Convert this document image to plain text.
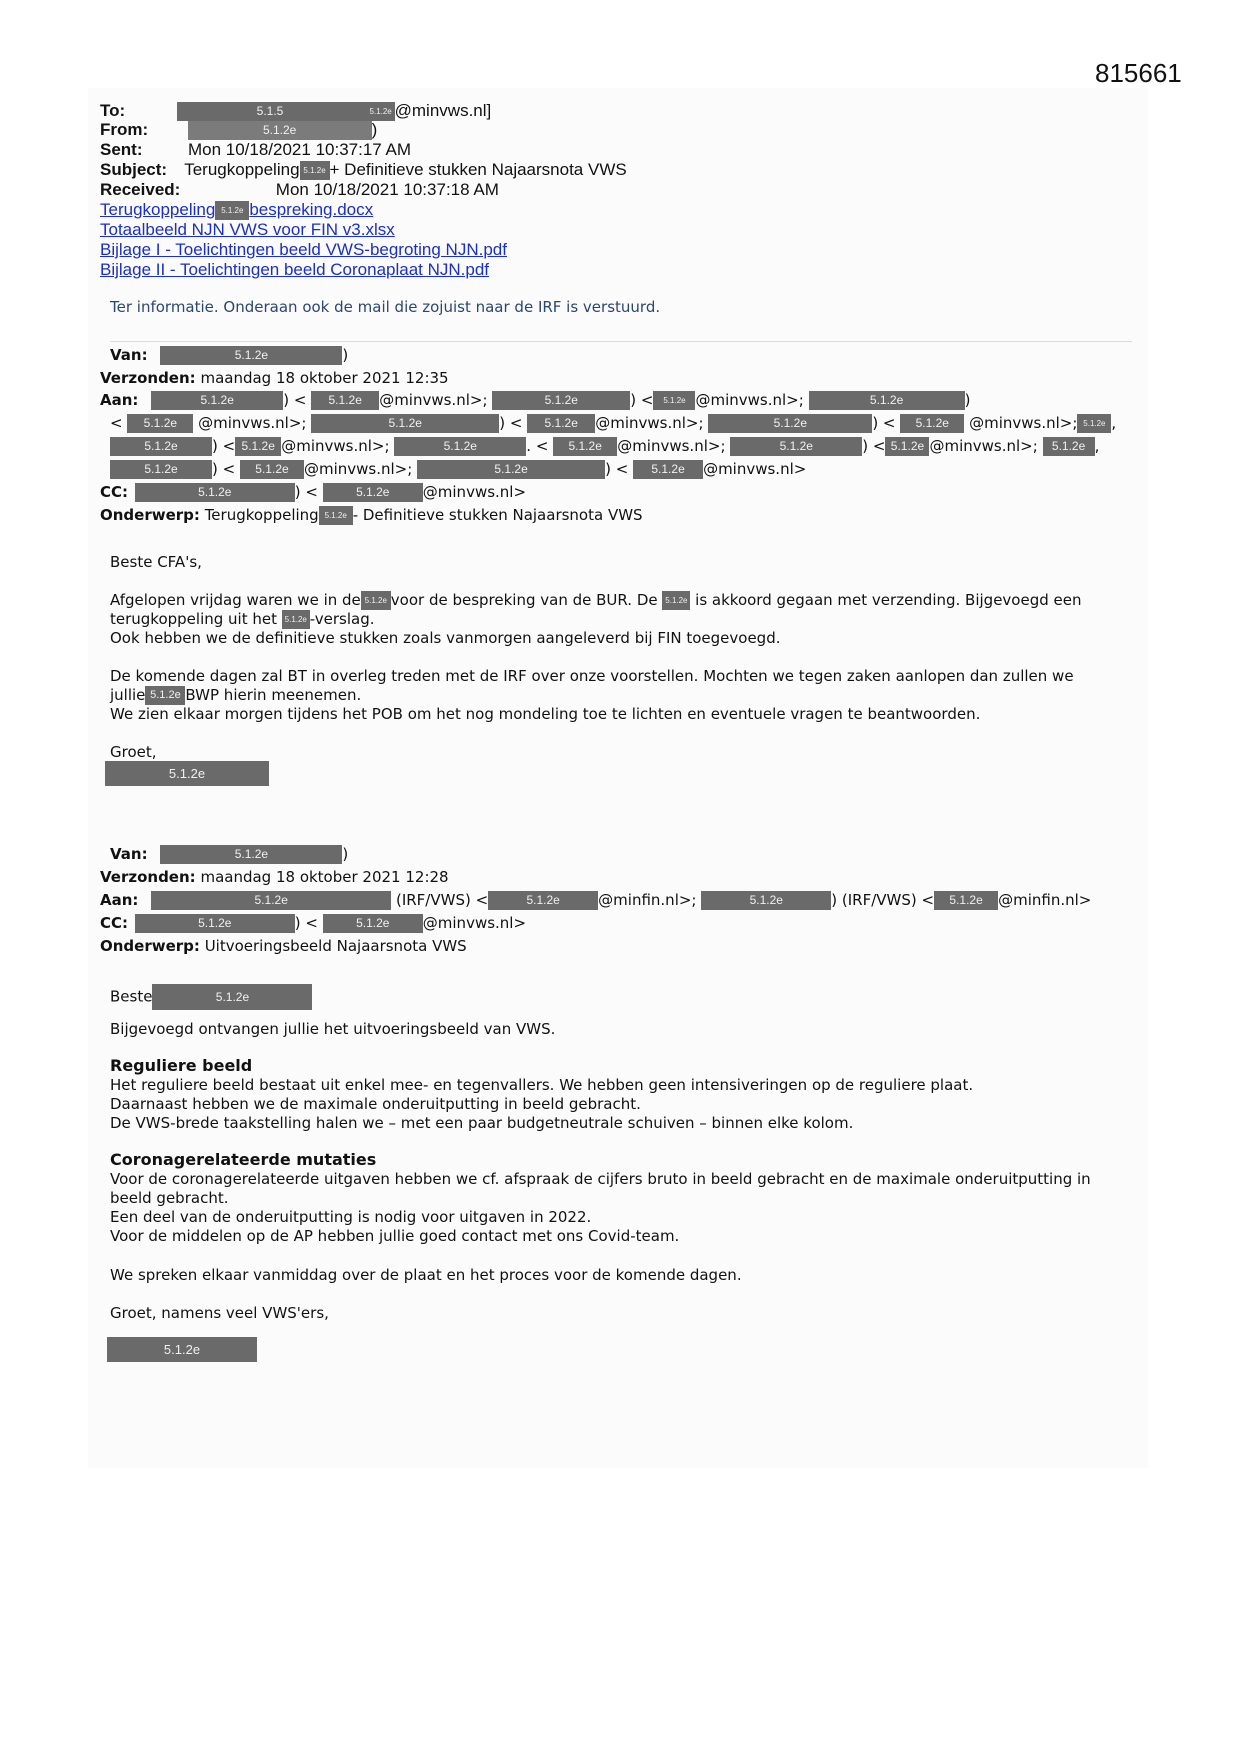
815661
To:	5.1.5	5.1.2e @minvws.nl]
From:	5.1.2e	)
Sent:	Mon 10/18/2021 10:37:17 AM
Subject: Terugkoppeling 5.1.2e + Definitieve stukken Najaarsnota VWS
Received:	Mon 10/18/2021 10:37:18 AM
Terugkoppeling 5.1.2e bespreking.docx
Totaalbeeld NJN VWS voor FIN v3.xlsx
Bijlage I - Toelichtingen beeld VWS-begroting NJN.pdf
Bijlage II - Toelichtingen beeld Coronaplaat NJN.pdf
Ter informatie. Onderaan ook de mail die zojuist naar de IRF is verstuurd.
Van:	5.1.2e	)
Verzonden: maandag 18 oktober 2021 12:35
Aan:	5.1.2e	) < 5.1.2e @minvws.nl>;	5.1.2e	) < 5.1.2e @minvws.nl>;	5.1.2e	)
< 5.1.2e @minvws.nl>;	5.1.2e	) < 5.1.2e @minvws.nl>;	5.1.2e	) < 5.1.2e @minvws.nl>; 5.1.2e ,
5.1.2e ) < 5.1.2e @minvws.nl>;	5.1.2e	. < 5.1.2e @minvws.nl>;	5.1.2e	) < 5.1.2e @minvws.nl>; 5.1.2e ,
5.1.2e ) < 5.1.2e @minvws.nl>;	5.1.2e	) < 5.1.2e @minvws.nl>
CC:	5.1.2e	) <	5.1.2e @minvws.nl>
Onderwerp: Terugkoppeling 5.1.2e - Definitieve stukken Najaarsnota VWS
Beste CFA's,
Afgelopen vrijdag waren we in de 5.1.2e voor de bespreking van de BUR. De 5.1.2e is akkoord gegaan met verzending. Bijgevoegd een
terugkoppeling uit het 5.1.2e -verslag.
Ook hebben we de definitieve stukken zoals vanmorgen aangeleverd bij FIN toegevoegd.
De komende dagen zal BT in overleg treden met de IRF over onze voorstellen. Mochten we tegen zaken aanlopen dan zullen we
jullie 5.1.2e BWP hierin meenemen.
We zien elkaar morgen tijdens het POB om het nog mondeling toe te lichten en eventuele vragen te beantwoorden.
Groet,
5.1.2e
Van:	5.1.2e	)
Verzonden: maandag 18 oktober 2021 12:28
Aan:	5.1.2e	(IRF/VWS) <	5.1.2e	@minfin.nl>;	5.1.2e	) (IRF/VWS) < 5.1.2e @minfin.nl>
CC:	5.1.2e	) <	5.1.2e @minvws.nl>
Onderwerp: Uitvoeringsbeeld Najaarsnota VWS
Beste	5.1.2e
Bijgevoegd ontvangen jullie het uitvoeringsbeeld van VWS.
Reguliere beeld
Het reguliere beeld bestaat uit enkel mee- en tegenvallers. We hebben geen intensiveringen op de reguliere plaat.
Daarnaast hebben we de maximale onderuitputting in beeld gebracht.
De VWS-brede taakstelling halen we – met een paar budgetneutrale schuiven – binnen elke kolom.
Coronagerelateerde mutaties
Voor de coronagerelateerde uitgaven hebben we cf. afspraak de cijfers bruto in beeld gebracht en de maximale onderuitputting in beeld gebracht.
Een deel van de onderuitputting is nodig voor uitgaven in 2022.
Voor de middelen op de AP hebben jullie goed contact met ons Covid-team.
We spreken elkaar vanmiddag over de plaat en het proces voor de komende dagen.
Groet, namens veel VWS'ers,
5.1.2e
